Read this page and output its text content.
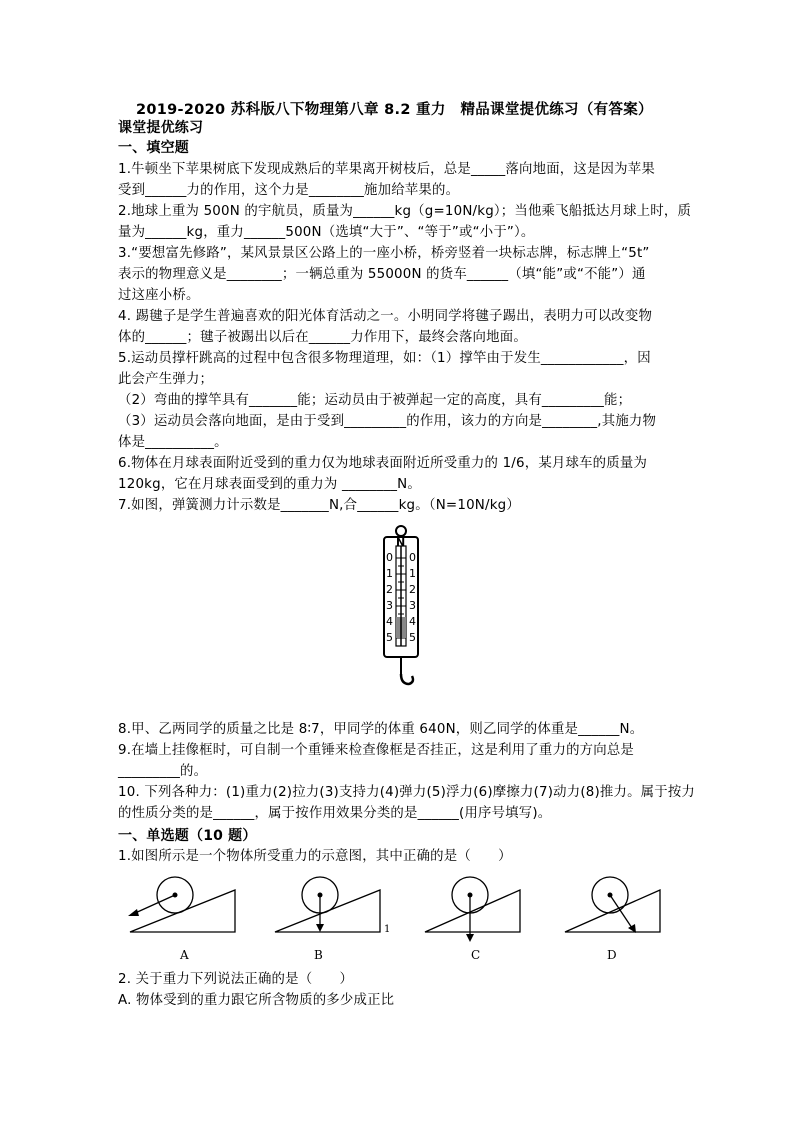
2019-2020 苏科版八下物理第八章 8.2 重力　精品课堂提优练习（有答案）
课堂提优练习
一、填空题
1.牛顿坐下苹果树底下发现成熟后的苹果离开树枝后，总是_____落向地面，这是因为苹果
受到______力的作用，这个力是________施加给苹果的。
2.地球上重为 500N 的宇航员，质量为______kg（g=10N/kg）；当他乘飞船抵达月球上时，质
量为______kg，重力______500N（选填“大于”、“等于”或“小于”）。
3.“要想富先修路”，某风景景区公路上的一座小桥，桥旁竖着一块标志牌，标志牌上“5t”
表示的物理意义是________；一辆总重为 55000N 的货车______（填“能”或“不能”）通
过这座小桥。
4. 踢毽子是学生普遍喜欢的阳光体育活动之一。小明同学将毽子踢出，表明力可以改变物
体的______；毽子被踢出以后在______力作用下，最终会落向地面。
5.运动员撑杆跳高的过程中包含很多物理道理，如：（1）撑竿由于发生____________，因
此会产生弹力；
（2）弯曲的撑竿具有_______能；运动员由于被弹起一定的高度，具有_________能；
（3）运动员会落向地面，是由于受到_________的作用，该力的方向是________,其施力物
体是__________。
6.物体在月球表面附近受到的重力仅为地球表面附近所受重力的 1/6，某月球车的质量为
120kg，它在月球表面受到的重力为 ________N。
7.如图，弹簧测力计示数是_______N,合______kg。（N=10N/kg）
N
0
1
2
3
4
5
0
1
2
3
4
5
8.甲、乙两同学的质量之比是 8∶7，甲同学的体重 640N，则乙同学的体重是______N。
9.在墙上挂像框时，可自制一个重锤来检查像框是否挂正，这是利用了重力的方向总是
_________的。
10. 下列各种力：(1)重力(2)拉力(3)支持力(4)弹力(5)浮力(6)摩擦力(7)动力(8)推力。属于按力
的性质分类的是______，属于按作用效果分类的是______(用序号填写)。
一、单选题（10 题）
1.如图所示是一个物体所受重力的示意图，其中正确的是（　　）
A	B
1
C	D
2. 关于重力下列说法正确的是（　　）
A. 物体受到的重力跟它所含物质的多少成正比
